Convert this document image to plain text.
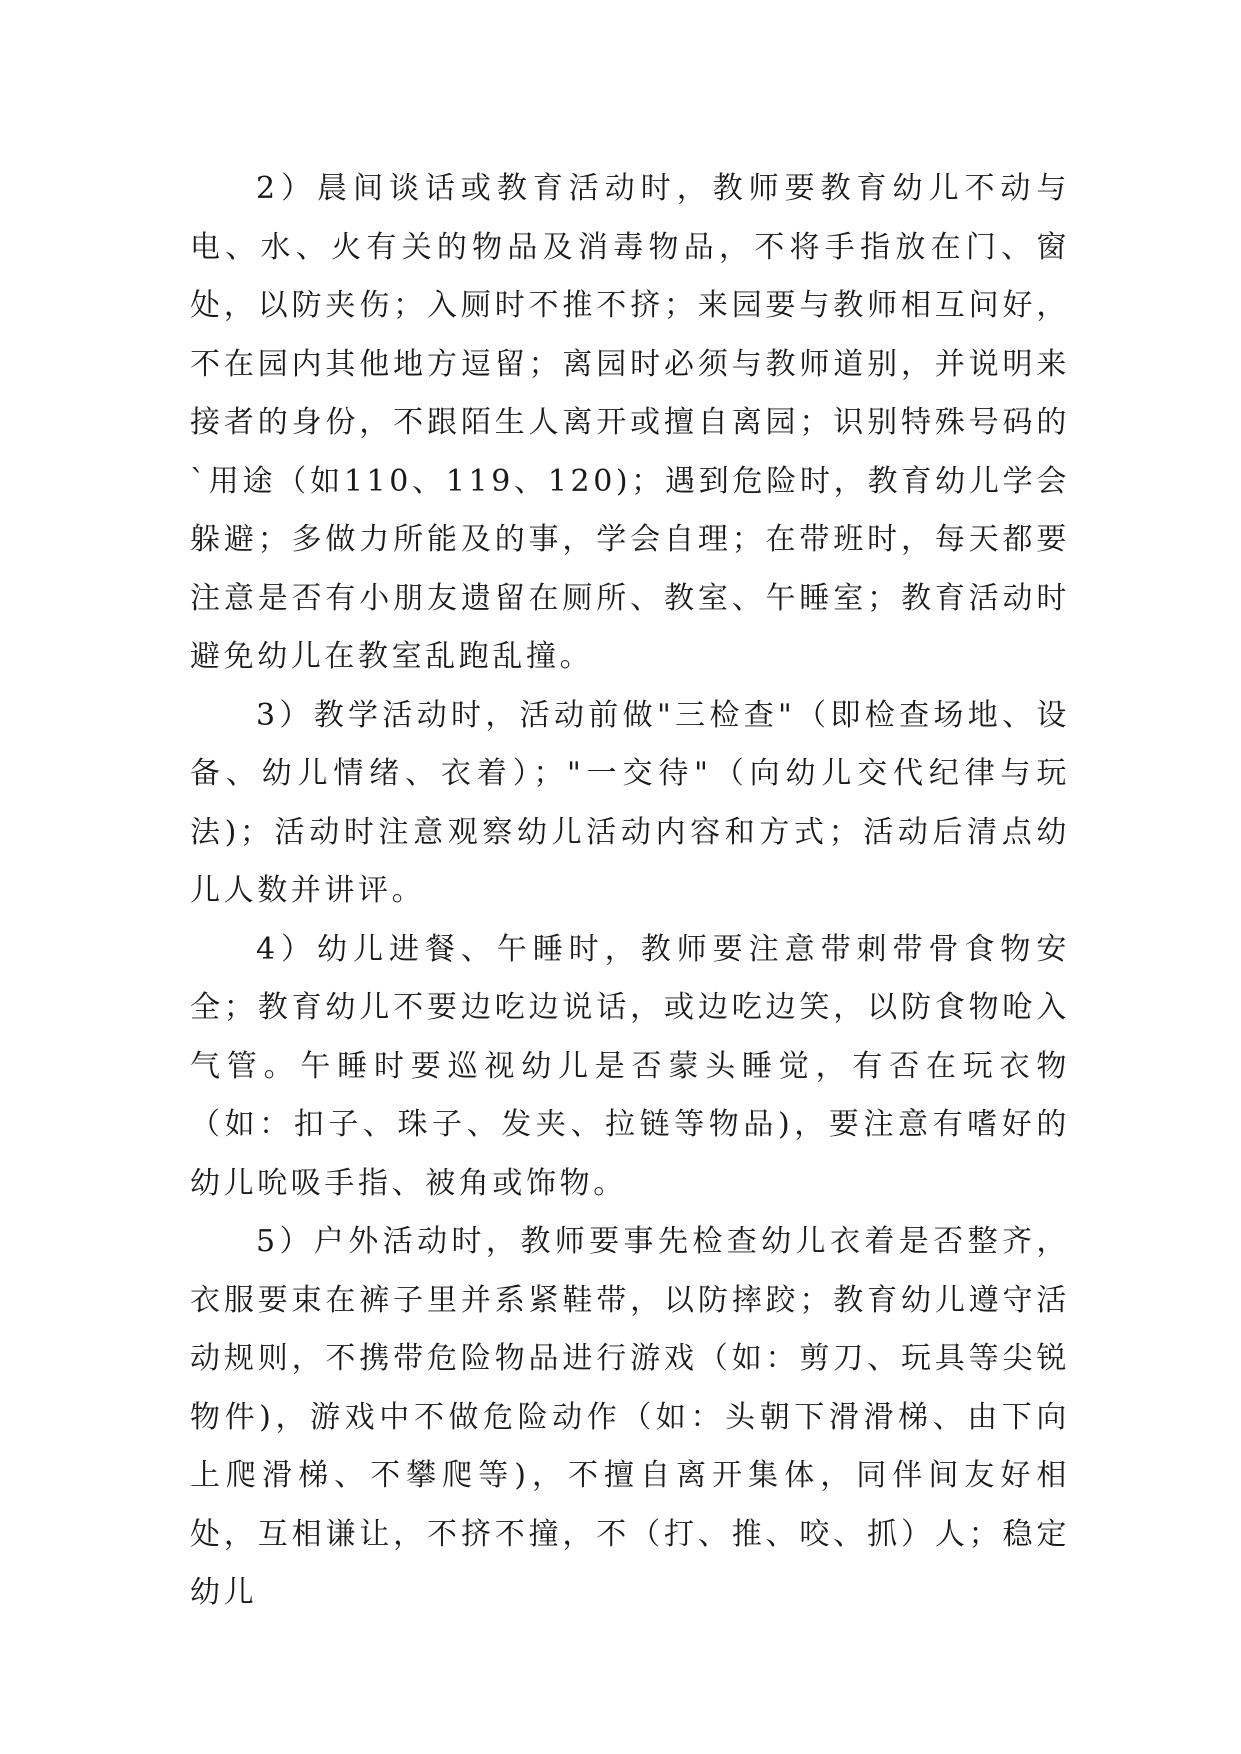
2）晨间谈话或教育活动时，教师要教育幼儿不动与电、水、火有关的物品及消毒物品，不将手指放在门、窗处，以防夹伤；入厕时不推不挤；来园要与教师相互问好，不在园内其他地方逗留；离园时必须与教师道别，并说明来接者的身份，不跟陌生人离开或擅自离园；识别特殊号码的`用途（如110、119、120)；遇到危险时，教育幼儿学会躲避；多做力所能及的事，学会自理；在带班时，每天都要注意是否有小朋友遗留在厕所、教室、午睡室；教育活动时避免幼儿在教室乱跑乱撞。

3）教学活动时，活动前做"三检查"（即检查场地、设备、幼儿情绪、衣着）；"一交待"（向幼儿交代纪律与玩法)；活动时注意观察幼儿活动内容和方式；活动后清点幼儿人数并讲评。

4）幼儿进餐、午睡时，教师要注意带刺带骨食物安全；教育幼儿不要边吃边说话，或边吃边笑，以防食物呛入气管。午睡时要巡视幼儿是否蒙头睡觉，有否在玩衣物（如：扣子、珠子、发夹、拉链等物品)，要注意有嗜好的幼儿吮吸手指、被角或饰物。

5）户外活动时，教师要事先检查幼儿衣着是否整齐，衣服要束在裤子里并系紧鞋带，以防摔跤；教育幼儿遵守活动规则，不携带危险物品进行游戏（如：剪刀、玩具等尖锐物件)，游戏中不做危险动作（如：头朝下滑滑梯、由下向上爬滑梯、不攀爬等)，不擅自离开集体，同伴间友好相处，互相谦让，不挤不撞，不（打、推、咬、抓）人；稳定幼儿
